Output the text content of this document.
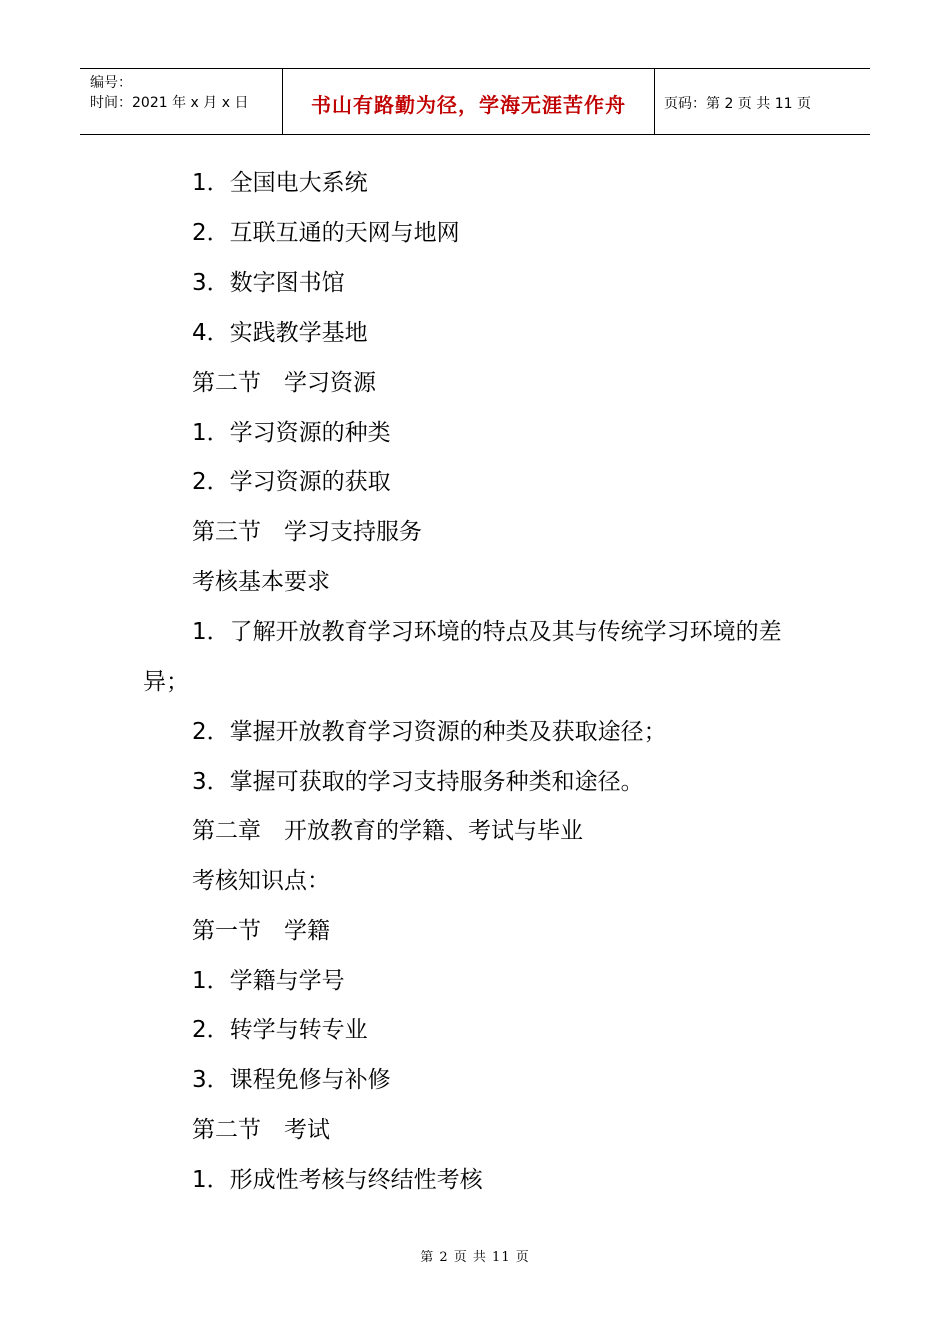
编号：
时间：2021 年 x 月 x 日	书山有路勤为径，学海无涯苦作舟	页码：第 2 页 共 11 页
1．全国电大系统
2．互联互通的天网与地网
3．数字图书馆
4．实践教学基地
第二节　学习资源
1．学习资源的种类
2．学习资源的获取
第三节　学习支持服务
考核基本要求
1．了解开放教育学习环境的特点及其与传统学习环境的差
异；
2．掌握开放教育学习资源的种类及获取途径；
3．掌握可获取的学习支持服务种类和途径。
第二章　开放教育的学籍、考试与毕业
考核知识点：
第一节　学籍
1．学籍与学号
2．转学与转专业
3．课程免修与补修
第二节　考试
1．形成性考核与终结性考核
第 2 页 共 11 页
